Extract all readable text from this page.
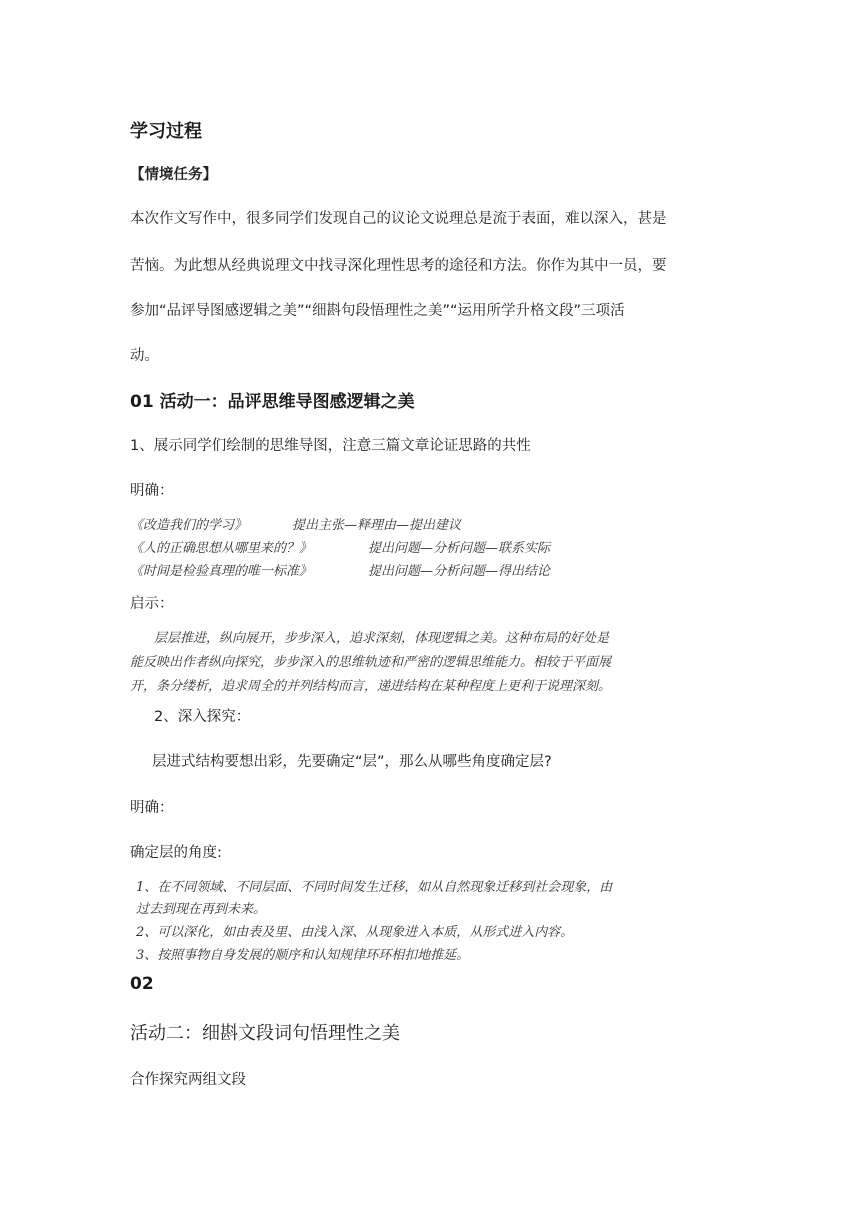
学习过程
【情境任务】
本次作文写作中，很多同学们发现自己的议论文说理总是流于表面，难以深入，甚是
苦恼。为此想从经典说理文中找寻深化理性思考的途径和方法。你作为其中一员，要
参加“品评导图感逻辑之美”“细斟句段悟理性之美”“运用所学升格文段”三项活
动。
01 活动一：品评思维导图感逻辑之美
1、展示同学们绘制的思维导图，注意三篇文章论证思路的共性
明确：
《改造我们的学习》	提出主张—释理由—提出建议
《人的正确思想从哪里来的？》	提出问题—分析问题—联系实际
《时间是检验真理的唯一标准》	提出问题—分析问题—得出结论
启示：
层层推进，纵向展开，步步深入，追求深刻，体现逻辑之美。这种布局的好处是
能反映出作者纵向探究，步步深入的思维轨迹和严密的逻辑思维能力。相较于平面展
开，条分缕析，追求周全的并列结构而言，递进结构在某种程度上更利于说理深刻。
2、深入探究：
层进式结构要想出彩，先要确定“层”，那么从哪些角度确定层?
明确：
确定层的角度:
1、在不同领域、不同层面、不同时间发生迁移，如从自然现象迁移到社会现象，由
过去到现在再到未来。
2、可以深化，如由表及里、由浅入深、从现象进入本质，从形式进入内容。
3、按照事物自身发展的顺序和认知规律环环相扣地推延。
02
活动二：细斟文段词句悟理性之美
合作探究两组文段
